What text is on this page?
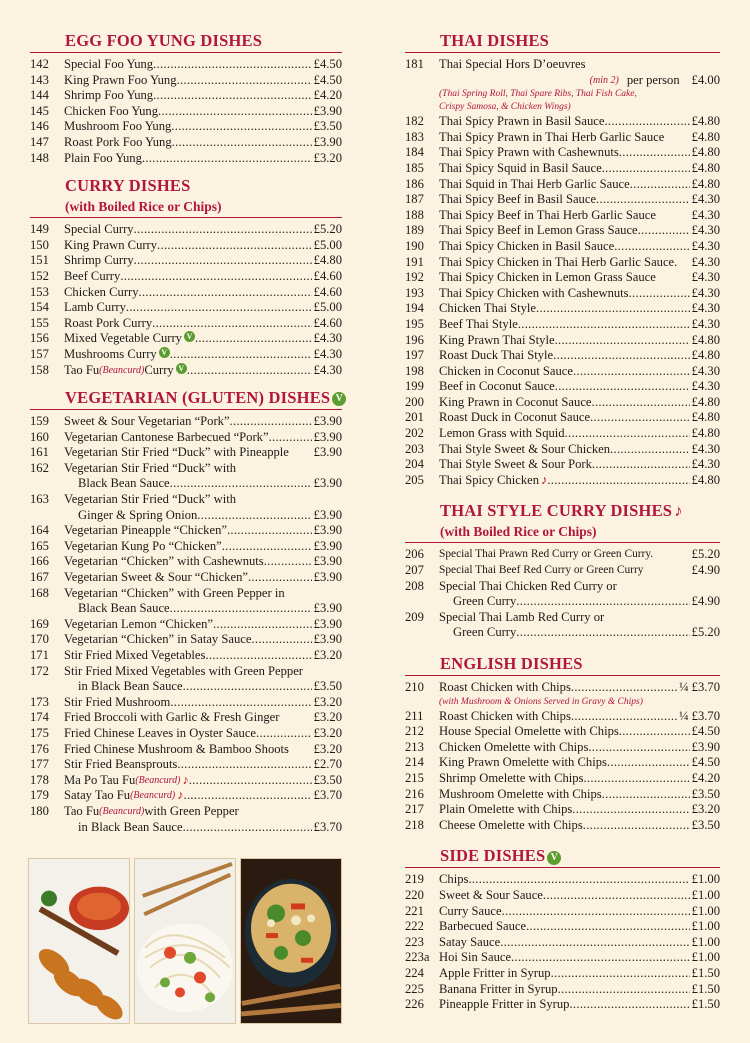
EGG FOO YUNG DISHES
142	Special Foo Yung .....	£4.50
143	King Prawn Foo Yung .....	£4.50
144	Shrimp Foo Yung .....	£4.20
145	Chicken Foo Yung .....	£3.90
146	Mushroom Foo Yung .....	£3.50
147	Roast Pork Foo Yung .....	£3.90
148	Plain Foo Yung .....	£3.20
CURRY DISHES
(with Boiled Rice or Chips)
149	Special Curry .....	£5.20
150	King Prawn Curry .....	£5.00
151	Shrimp Curry .....	£4.80
152	Beef Curry .....	£4.60
153	Chicken Curry .....	£4.60
154	Lamb Curry .....	£5.00
155	Roast Pork Curry .....	£4.60
156	Mixed Vegetable Curry V .....	£4.30
157	Mushrooms Curry V .....	£4.30
158	Tao Fu (Beancurd) Curry V .....	£4.30
VEGETARIAN (GLUTEN) DISHES V
159	Sweet & Sour Vegetarian “Pork” .....	£3.90
160	Vegetarian Cantonese Barbecued “Pork” .....	£3.90
161	Vegetarian Stir Fried “Duck” with Pineapple £3.90
162	Vegetarian Stir Fried “Duck” with
Black Bean Sauce .....	£3.90
163	Vegetarian Stir Fried “Duck” with
Ginger & Spring Onion .....	£3.90
164	Vegetarian Pineapple “Chicken” .....	£3.90
165	Vegetarian Kung Po “Chicken” .....	£3.90
166	Vegetarian “Chicken” with Cashewnuts .....	£3.90
167	Vegetarian Sweet & Sour “Chicken” .....	£3.90
168	Vegetarian “Chicken” with Green Pepper in
Black Bean Sauce .....	£3.90
169	Vegetarian Lemon “Chicken” .....	£3.90
170	Vegetarian “Chicken” in Satay Sauce .....	£3.90
171	Stir Fried Mixed Vegetables .....	£3.20
172	Stir Fried Mixed Vegetables with Green Pepper
in Black Bean Sauce .....	£3.50
173	Stir Fried Mushroom .....	£3.20
174	Fried Broccoli with Garlic & Fresh Ginger	£3.20
175	Fried Chinese Leaves in Oyster Sauce .....	£3.20
176	Fried Chinese Mushroom & Bamboo Shoots £3.20
177	Stir Fried Beansprouts .....	£2.70
178	Ma Po Tau Fu (Beancurd) ♪ .....	£3.50
179	Satay Tao Fu (Beancurd) ♪ .....	£3.70
180	Tao Fu (Beancurd) with Green Pepper
in Black Bean Sauce .....	£3.70
THAI DISHES
181	Thai Special Hors D’oeuvres
(min 2) per person £4.00
(Thai Spring Roll, Thai Spare Ribs, Thai Fish Cake,
Crispy Samosa, & Chicken Wings)
182	Thai Spicy Prawn in Basil Sauce .....	£4.80
183	Thai Spicy Prawn in Thai Herb Garlic Sauce £4.80
184	Thai Spicy Prawn with Cashewnuts .....	£4.80
185	Thai Spicy Squid in Basil Sauce .....	£4.80
186	Thai Squid in Thai Herb Garlic Sauce .....	£4.80
187	Thai Spicy Beef in Basil Sauce .....	£4.30
188	Thai Spicy Beef in Thai Herb Garlic Sauce	£4.30
189	Thai Spicy Beef in Lemon Grass Sauce .....	£4.30
190	Thai Spicy Chicken in Basil Sauce .....	£4.30
191	Thai Spicy Chicken in Thai Herb Garlic Sauce. £4.30
192	Thai Spicy Chicken in Lemon Grass Sauce	£4.30
193	Thai Spicy Chicken with Cashewnuts .....	£4.30
194	Chicken Thai Style .....	£4.30
195	Beef Thai Style .....	£4.30
196	King Prawn Thai Style .....	£4.80
197	Roast Duck Thai Style .....	£4.80
198	Chicken in Coconut Sauce .....	£4.30
199	Beef in Coconut Sauce .....	£4.30
200	King Prawn in Coconut Sauce .....	£4.80
201	Roast Duck in Coconut Sauce .....	£4.80
202	Lemon Grass with Squid .....	£4.80
203	Thai Style Sweet & Sour Chicken .....	£4.30
204	Thai Style Sweet & Sour Pork .....	£4.30
205	Thai Spicy Chicken ♪ .....	£4.80
THAI STYLE CURRY DISHES ♪
(with Boiled Rice or Chips)
206	Special Thai Prawn Red Curry or Green Curry.	£5.20
207	Special Thai Beef Red Curry or Green Curry	£4.90
208	Special Thai Chicken Red Curry or
Green Curry .....	£4.90
209	Special Thai Lamb Red Curry or
Green Curry .....	£5.20
ENGLISH DISHES
210	Roast Chicken with Chips .....	¼ £3.70
(with Mushroom & Onions Served in Gravy & Chips)
211	Roast Chicken with Chips .....	¼ £3.70
212	House Special Omelette with Chips .....	£4.50
213	Chicken Omelette with Chips .....	£3.90
214	King Prawn Omelette with Chips .....	£4.50
215	Shrimp Omelette with Chips .....	£4.20
216	Mushroom Omelette with Chips .....	£3.50
217	Plain Omelette with Chips .....	£3.20
218	Cheese Omelette with Chips .....	£3.50
SIDE DISHES V
219	Chips .....	£1.00
220	Sweet & Sour Sauce .....	£1.00
221	Curry Sauce .....	£1.00
222	Barbecued Sauce .....	£1.00
223	Satay Sauce .....	£1.00
223a Hoi Sin Sauce .....	£1.00
224	Apple Fritter in Syrup .....	£1.50
225	Banana Fritter in Syrup .....	£1.50
226	Pineapple Fritter in Syrup .....	£1.50
